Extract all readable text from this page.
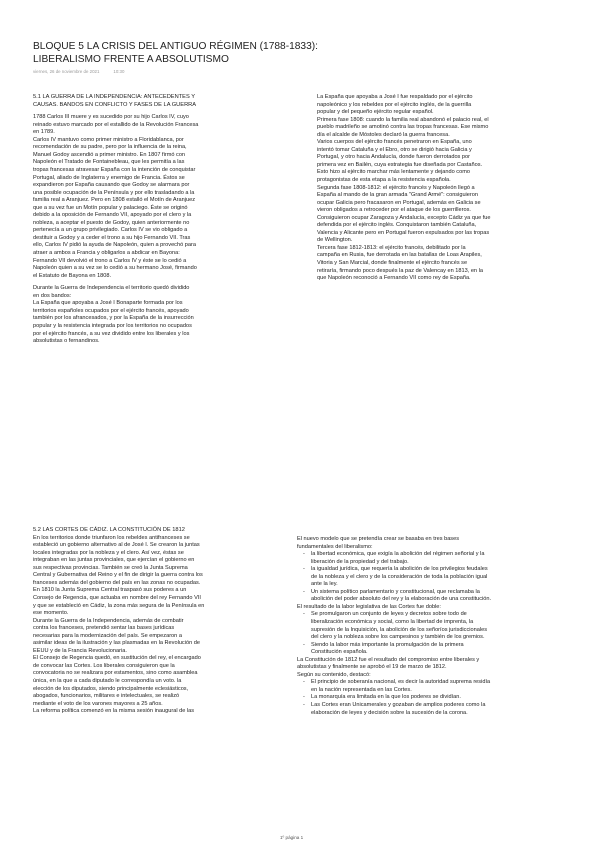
BLOQUE 5 LA CRISIS DEL ANTIGUO RÉGIMEN (1788-1833):
LIBERALISMO FRENTE A ABSOLUTISMO
viernes, 26 de noviembre de 2021	10:30
5.1 LA GUERRA DE LA INDEPENDENCIA: ANTECEDENTES Y
CAUSAS. BANDOS EN CONFLICTO Y FASES DE LA GUERRA
1788 Carlos III muere y es sucedido por su hijo Carlos IV, cuyo
reinado estuvo marcado por el estallido de la Revolución Francesa
en 1789.
Carlos IV mantuvo como primer ministro a Floridablanca, por
recomendación de su padre, pero por la influencia de la reina,
Manuel Godoy ascendió a primer ministro. En 1807 firmó con
Napoleón el Tratado de Fontainebleau, que les permitía a las
tropas francesas atravesar España con la intención de conquistar
Portugal, aliado de Inglaterra y enemigo de Francia. Éstos se
expandieron por España causando que Godoy se alarmara por
una posible ocupación de la Península y por ello trasladando a la
familia real a Aranjuez. Pero en 1808 estalló el Motín de Aranjuez
que a su vez fue un Motín popular y palaciego. Éste se originó
debido a la oposición de Fernando VII, apoyado por el clero y la
nobleza, a aceptar el puesto de Godoy, quien anteriormente no
pertenecía a un grupo privilegiado. Carlos IV se vio obligado a
destituir a Godoy y a ceder el trono a su hijo Fernando VII. Tras
ello, Carlos IV pidió la ayuda de Napoleón, quien a provechó para
atraer a ambos a Francia y obligarlos a abdicar en Bayona:
Fernando VII devolvió el trono a Carlos IV y éste se lo cedió a
Napoleón quien a su vez se lo cedió a su hermano José, firmando
el Estatuto de Bayona en 1808.
Durante la Guerra de Independencia el territorio quedó dividido
en dos bandos:
La España que apoyaba a José I Bonaparte formada por los
territorios españoles ocupados por el ejército francés, apoyado
también por los afrancesados, y por la España de la insurrección
popular y la resistencia integrada por los territorios no ocupados
por el ejército francés, a su vez dividido entre los liberales y los
absolutistas o fernandinos.
La España que apoyaba a José I fue respaldado por el ejército
napoleónico y los rebeldes por el ejército inglés, de la guerrilla
popular y del pequeño ejército regular español.
Primera fase 1808: cuando la familia real abandonó el palacio real, el
pueblo madrileño se amotinó contra las tropas francesas. Ese mismo
día el alcalde de Móstoles declaró la guerra francesa.
Varios cuerpos del ejército francés penetraron en España, uno
intentó tomar Cataluña y el Ebro, otro se dirigió hacia Galicia y
Portugal, y otro hacia Andalucía, donde fueron derrotados por
primera vez en Bailén, cuya estrategia fue diseñada por Castaños.
Esto hizo al ejército marchar más lentamente y dejando como
protagonistas de esta etapa a la resistencia española.
Segunda fase 1808-1812: el ejército francés y Napoleón llegó a
España al mando de la gran armada "Grand Armé": consiguieron
ocupar Galicia pero fracasaron en Portugal, además en Galicia se
vieron obligados a retroceder por el ataque de los guerrilleros.
Consiguieron ocupar Zaragoza y Andalucía, excepto Cádiz ya que fue
defendida por el ejército inglés. Conquistaron también Cataluña,
Valencia y Alicante pero en Portugal fueron expulsados por las tropas
de Wellington.
Tercera fase 1812-1813: el ejército francés, debilitado por la
campaña en Rusia, fue derrotada en las batallas de Loas Arapiles,
Vitoria y San Marcial, donde finalmente el ejército francés se
retiraría, firmando poco después la paz de Valencay en 1813, en la
que Napoleón reconoció a Fernando VII como rey de España.
5.2 LAS CORTES DE CÁDIZ. LA CONSTITUCIÓN DE 1812
En los territorios donde triunfaron los rebeldes antifranceses se
estableció un gobierno alternativo al de José I. Se crearon la juntas
locales integradas por la nobleza y el clero. Así vez, éstas se
integraban en las juntas provinciales, que ejercían el gobierno en
sus respectivas provincias. También se creó la Junta Suprema
Central y Gubernativa del Reino y el fin de dirigir la guerra contra los
franceses además del gobierno del país en las zonas no ocupadas.
En 1810 la Junta Suprema Central traspasó sus poderes a un
Consejo de Regencia, que actuaba en nombre del rey Fernando VII
y que se estableció en Cádiz, la zona más segura de la Península en
ese momento.
Durante la Guerra de la Independencia, además de combatir
contra los franceses, pretendió sentar las bases jurídicas
necesarias para la modernización del país. Se empezaron a
asimilar ideas de la ilustración y las plasmadas en la Revolución de
EEUU y de la Francia Revolucionaria.
El Consejo de Regencia quedó, en sustitución del rey, el encargado
de convocar las Cortes. Los liberales consiguieron que la
convocatoria no se realizara por estamentos, sino como asamblea
única, en la que a cada diputado le correspondía un voto. la
elección de los diputados, siendo principalmente eclesiásticos,
abogados, funcionarios, militares e intelectuales, se realizó
mediante el voto de los varones mayores a 25 años.
La reforma política comenzó en la misma sesión inaugural de las
El nuevo modelo que se pretendía crear se basaba en tres bases
fundamentales del liberalismo:
- la libertad económica, que exigía la abolición del régimen señorial y la
liberación de la propiedad y del trabajo.
- la igualdad jurídica, que requería la abolición de los privilegios feudales
de la nobleza y el clero y de la consideración de toda la población igual
ante la ley.
- Un sistema político parlamentario y constitucional, que reclamaba la
abolición del poder absoluto del rey y la elaboración de una constitución.
El resultado de la labor legislativa de las Cortes fue doble:
- Se promulgaron un conjunto de leyes y decretos sobre todo de
liberalización económica y social, como la libertad de imprenta, la
supresión de la Inquisición, la abolición de los señoríos jurisdiccionales
del clero y la nobleza sobre los campesinos y también de los gremios.
- Siendo la labor más importante la promulgación de la primera
Constitución española.
La Constitución de 1812 fue el resultado del compromiso entre liberales y
absolutistas y finalmente se aprobó el 19 de marzo de 1812.
Según su contenido, destacó:
- El principio de soberanía nacional, es decir la autoridad suprema residía
en la nación representada en las Cortes.
- La monarquía era limitada en la que los poderes se dividían.
- Las Cortes eran Unicamerales y gozaban de amplios poderes como la
elaboración de leyes y decisión sobre la sucesión de la corona.
1º página 1
